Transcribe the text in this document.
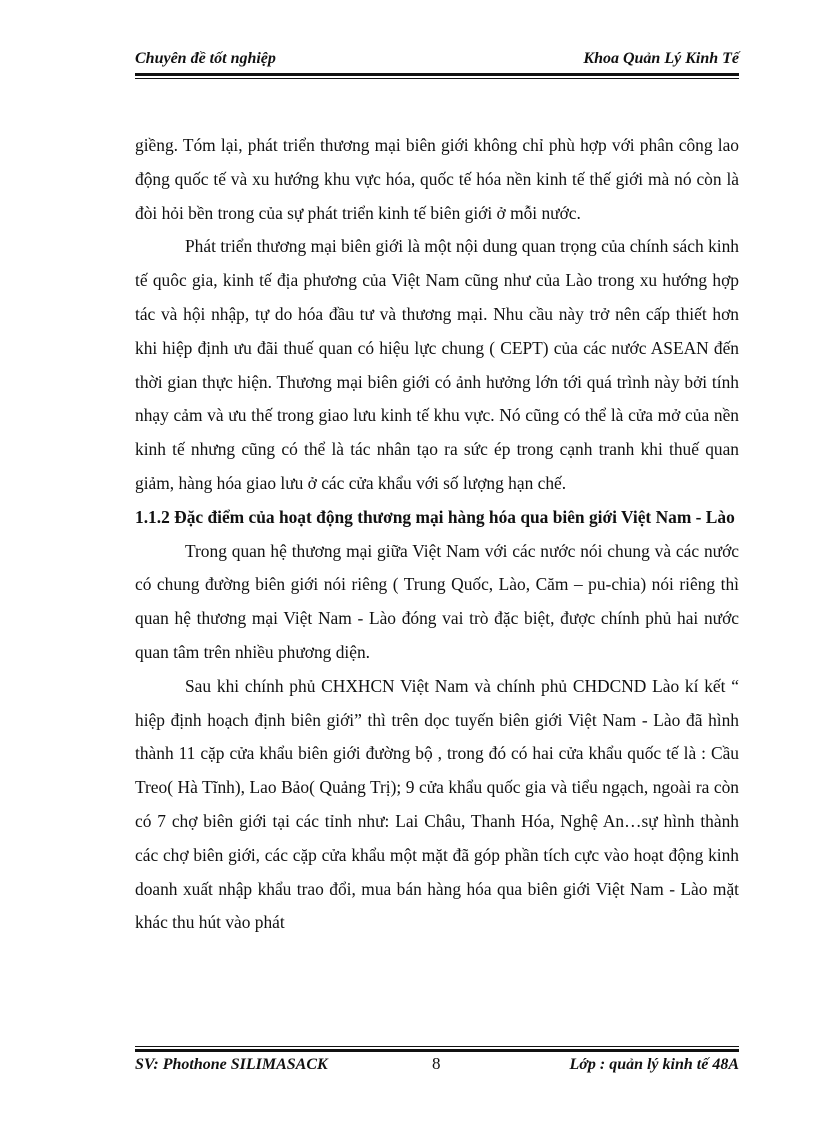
Chuyên đề tốt nghiệp	Khoa Quản Lý Kinh Tế

giềng. Tóm lại, phát triển thương mại biên giới không chỉ phù hợp với phân công lao động quốc tế và xu hướng khu vực hóa, quốc tế hóa nền kinh tế thế giới mà nó còn là đòi hỏi bền trong của sự phát triển kinh tế biên giới ở mỗi nước.

Phát triển thương mại biên giới là một nội dung quan trọng của chính sách kinh tế quôc gia, kinh tế địa phương của Việt Nam cũng như của Lào trong xu hướng hợp tác và hội nhập, tự do hóa đầu tư và thương mại. Nhu cầu này trở nên cấp thiết hơn khi hiệp định ưu đãi thuế quan có hiệu lực chung ( CEPT) của các nước ASEAN đến thời gian thực hiện. Thương mại biên giới có ảnh hưởng lớn tới quá trình này bởi tính nhạy cảm và ưu thế trong giao lưu kinh tế khu vực. Nó cũng có thể là cửa mở của nền kinh tế nhưng cũng có thể là tác nhân tạo ra sức ép trong cạnh tranh khi thuế quan giảm, hàng hóa giao lưu ở các cửa khẩu với số lượng hạn chế.

1.1.2 Đặc điểm của hoạt động thương mại hàng hóa qua biên giới Việt Nam - Lào

Trong quan hệ thương mại giữa Việt Nam với các nước nói chung và các nước có chung đường biên giới nói riêng ( Trung Quốc, Lào, Căm – pu-chia) nói riêng thì quan hệ thương mại Việt Nam - Lào đóng vai trò đặc biệt, được chính phủ hai nước quan tâm trên nhiều phương diện.

Sau khi chính phủ CHXHCN Việt Nam và chính phủ CHDCND Lào kí kết “ hiệp định hoạch định biên giới” thì trên dọc tuyến biên giới Việt Nam - Lào đã hình thành 11 cặp cửa khẩu biên giới đường bộ , trong đó có hai cửa khẩu quốc tế là : Cầu Treo( Hà Tĩnh), Lao Bảo( Quảng Trị); 9 cửa khẩu quốc gia và tiểu ngạch, ngoài ra còn có 7 chợ biên giới tại các tỉnh như: Lai Châu, Thanh Hóa, Nghệ An…sự hình thành các chợ biên giới, các cặp cửa khẩu một mặt đã góp phần tích cực vào hoạt động kinh doanh xuất nhập khẩu trao đổi, mua bán hàng hóa qua biên giới Việt Nam - Lào mặt khác thu hút vào phát

SV: Phothone SILIMASACK	8	Lớp : quản lý kinh tế 48A
